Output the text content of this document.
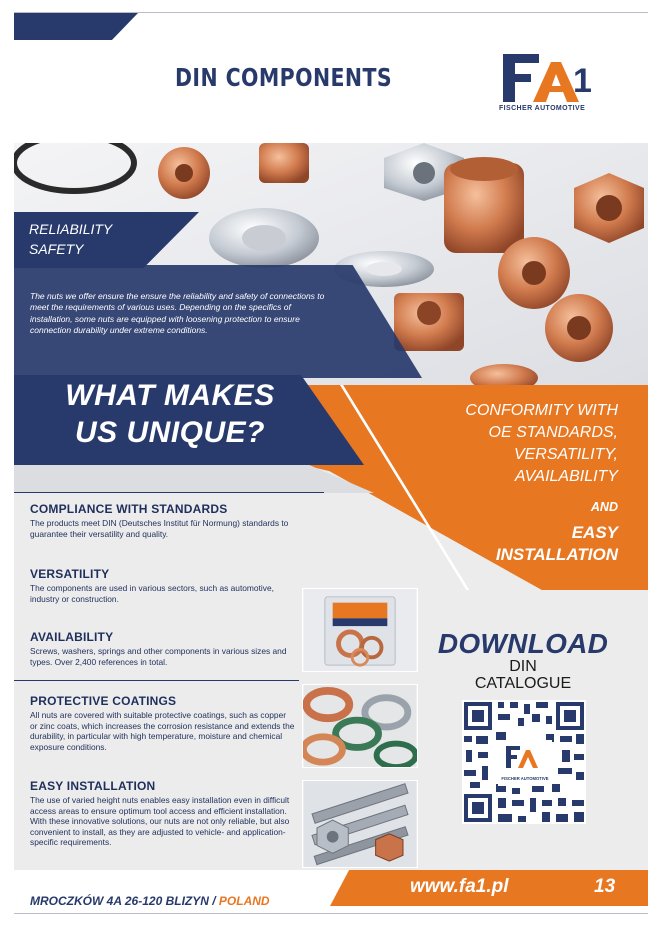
DIN COMPONENTS	1
FISCHER AUTOMOTIVE
RELIABILITY
SAFETY
The nuts we offer ensure the ensure the reliability and safety of connections to meet the requirements of various uses. Depending on the specifics of installation, some nuts are equipped with loosening protection to ensure connection durability under extreme conditions.
WHAT MAKES
US UNIQUE?
CONFORMITY WITH
OE STANDARDS,
VERSATILITY,
AVAILABILITY
AND
EASY
INSTALLATION
COMPLIANCE WITH STANDARDS
The products meet DIN (Deutsches Institut für Normung) standards to guarantee their versatility and quality.
VERSATILITY
The components are used in various sectors, such as automotive, industry or construction.
AVAILABILITY
Screws, washers, springs and other components in various sizes and types. Over 2,400 references in total.
PROTECTIVE COATINGS
All nuts are covered with suitable protective coatings, such as copper or zinc coats, which increases the corrosion resistance and extends the durability, in particular with high temperature, moisture and chemical exposure conditions.
EASY INSTALLATION
The use of varied height nuts enables easy installation even in difficult access areas to ensure optimum tool access and efficient installation. With these innovative solutions, our nuts are not only reliable, but also convenient to install, as they are adjusted to vehicle- and application-specific requirements.
DOWNLOAD
DIN
CATALOGUE
FISCHER AUTOMOTIVE
MROCZKÓW 4A 26-120 BLIZYN / POLAND
www.fa1.pl	13
